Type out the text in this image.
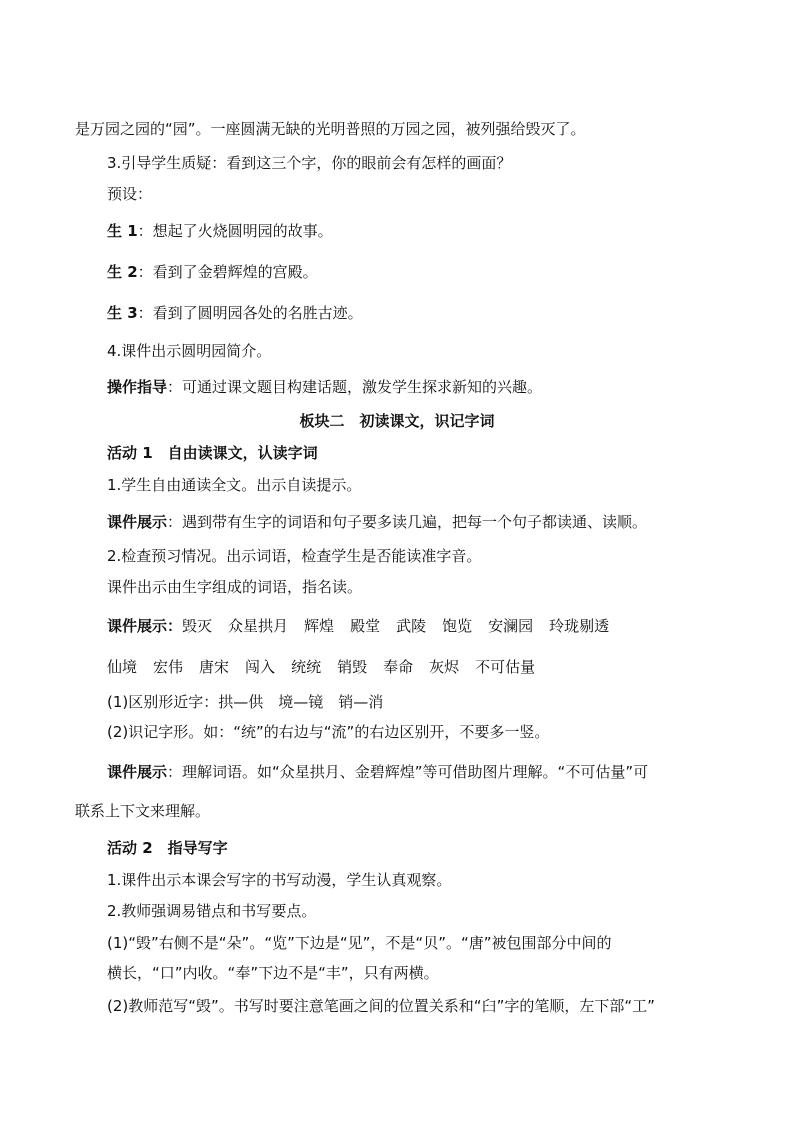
是万园之园的“园”。一座圆满无缺的光明普照的万园之园，被列强给毁灭了。
3.引导学生质疑：看到这三个字，你的眼前会有怎样的画面？
预设：
生 1：想起了火烧圆明园的故事。
生 2：看到了金碧辉煌的宫殿。
生 3：看到了圆明园各处的名胜古迹。
4.课件出示圆明园简介。
操作指导：可通过课文题目构建话题，激发学生探求新知的兴趣。
板块二　初读课文，识记字词
活动 1　自由读课文，认读字词
1.学生自由通读全文。出示自读提示。
课件展示：遇到带有生字的词语和句子要多读几遍，把每一个句子都读通、读顺。
2.检查预习情况。出示词语，检查学生是否能读准字音。
课件出示由生字组成的词语，指名读。
课件展示：毁灭 众星拱月 辉煌 殿堂 武陵 饱览 安澜园 玲珑剔透
仙境 宏伟 唐宋 闯入 统统 销毁 奉命 灰烬 不可估量
(1)区别形近字：拱—供　境—镜　销—消
(2)识记字形。如：“统”的右边与“流”的右边区别开，不要多一竖。
课件展示：理解词语。如“众星拱月、金碧辉煌”等可借助图片理解。“不可估量”可
联系上下文来理解。
活动 2　指导写字
1.课件出示本课会写字的书写动漫，学生认真观察。
2.教师强调易错点和书写要点。
(1)“毁”右侧不是“朵”。“览”下边是“见”，不是“贝”。“唐”被包围部分中间的
横长，“口”内收。“奉”下边不是“丰”，只有两横。
(2)教师范写“毁”。书写时要注意笔画之间的位置关系和“臼”字的笔顺，左下部“工”
